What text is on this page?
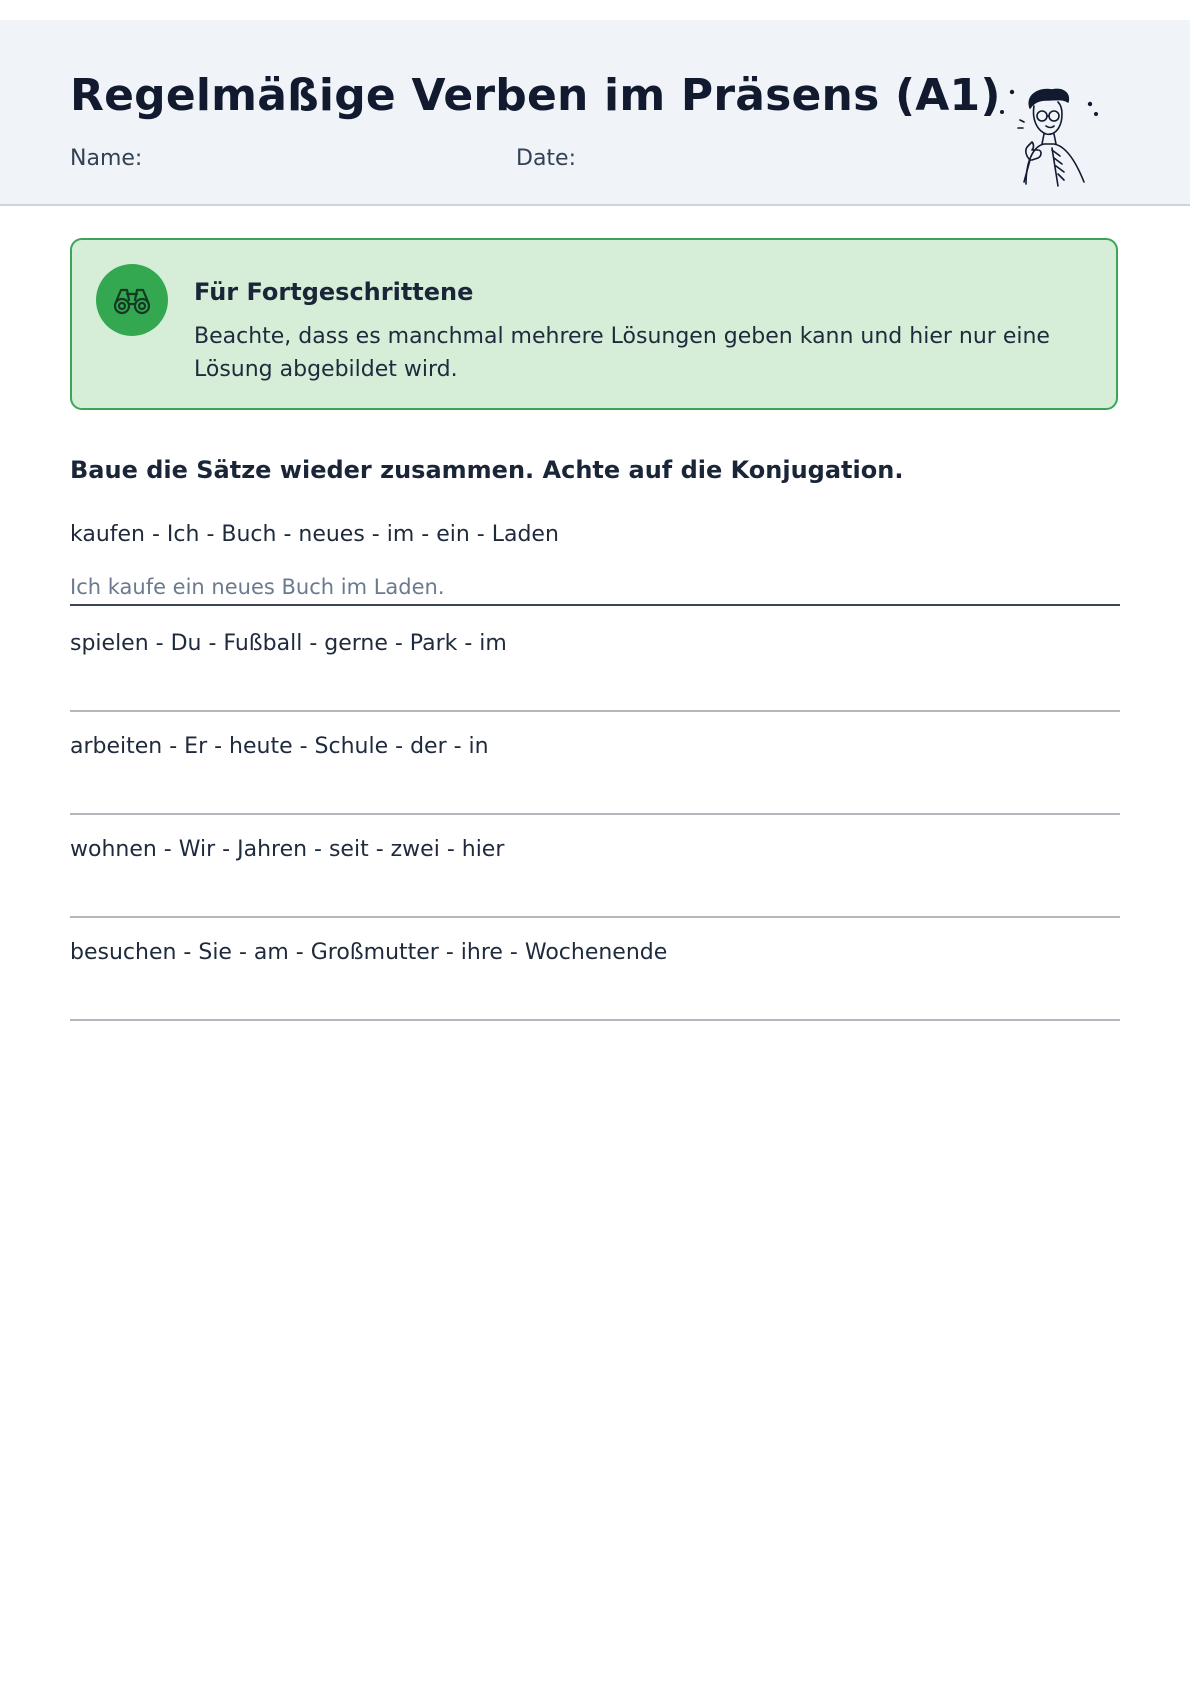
Regelmäßige Verben im Präsens (A1)
Name:	Date:
Für Fortgeschrittene
Beachte, dass es manchmal mehrere Lösungen geben kann und hier nur eine Lösung abgebildet wird.
Baue die Sätze wieder zusammen. Achte auf die Konjugation.
kaufen - Ich - Buch - neues - im - ein - Laden
Ich kaufe ein neues Buch im Laden.
spielen - Du - Fußball - gerne - Park - im
arbeiten - Er - heute - Schule - der - in
wohnen - Wir - Jahren - seit - zwei - hier
besuchen - Sie - am - Großmutter - ihre - Wochenende
